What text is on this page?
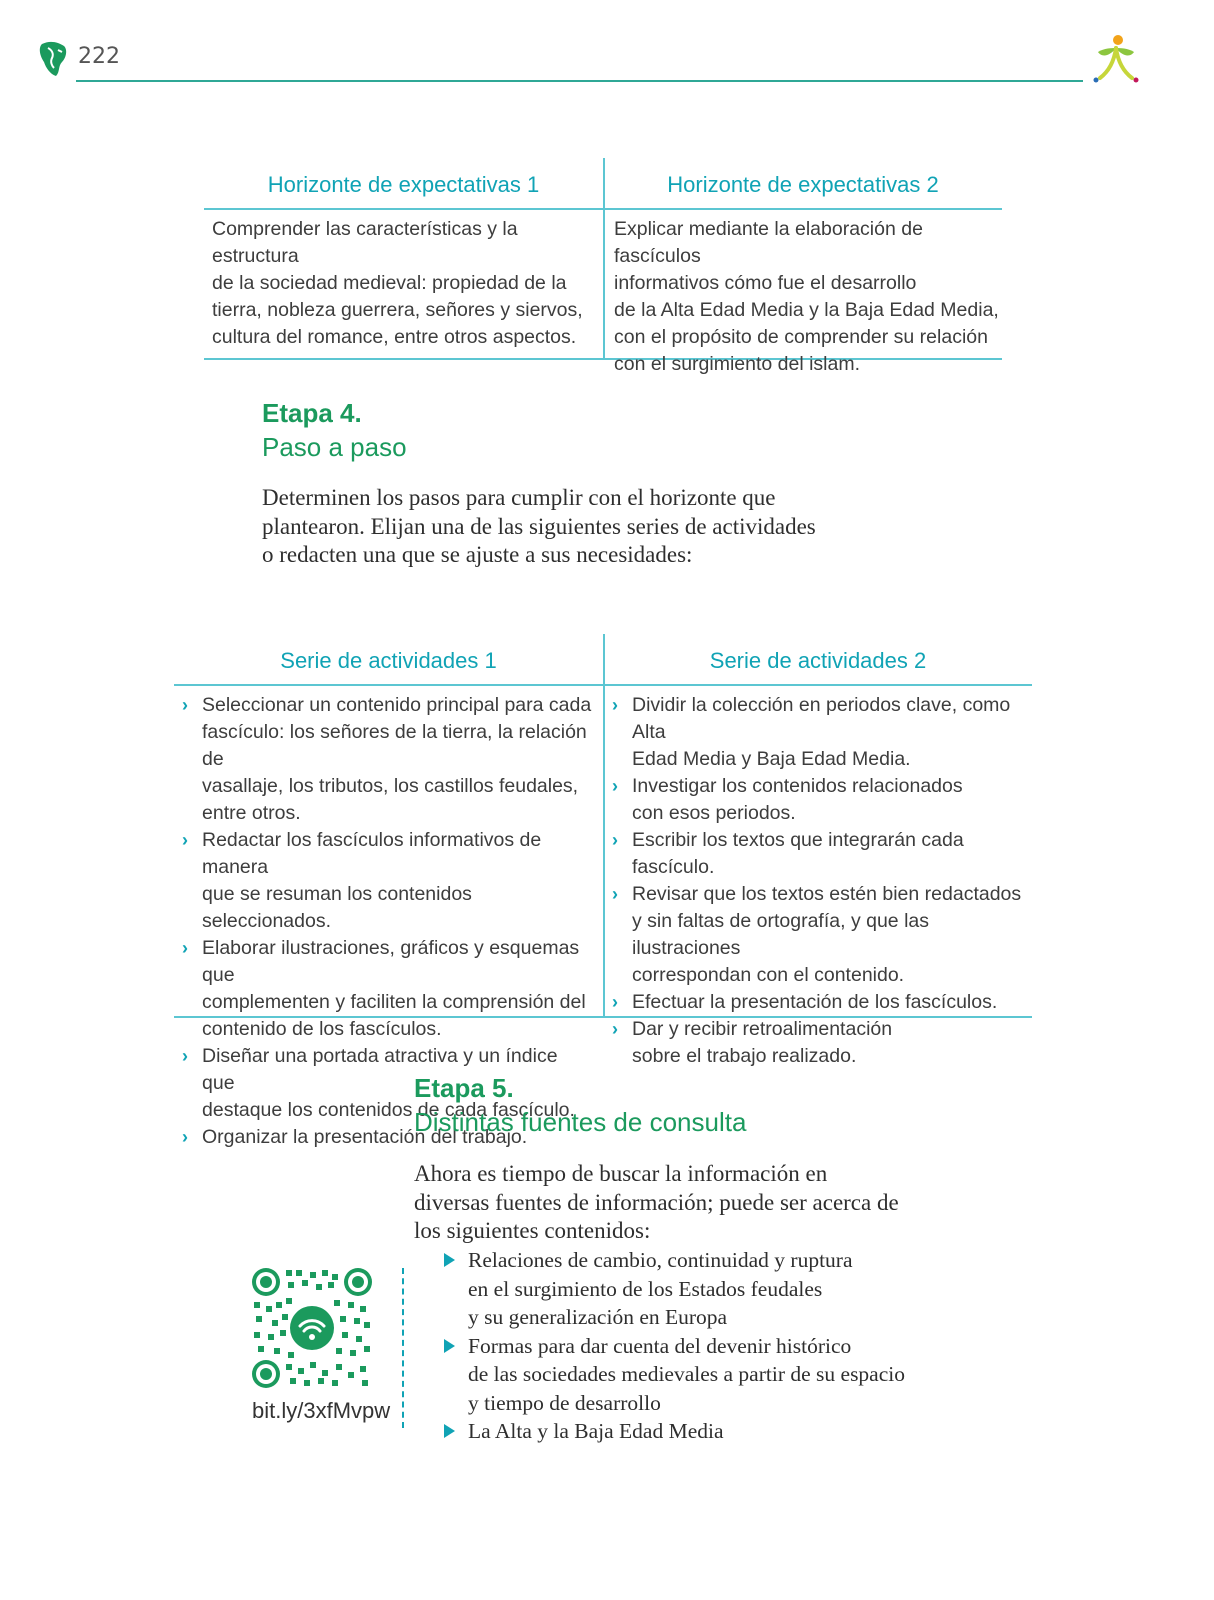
222
Horizonte de expectativas 1

Comprender las características y la estructura

de la sociedad medieval: propiedad de la

tierra, nobleza guerrera, señores y siervos,

cultura del romance, entre otros aspectos.

Horizonte de expectativas 2

Explicar mediante la elaboración de fascículos

informativos cómo fue el desarrollo

de la Alta Edad Media y la Baja Edad Media,

con el propósito de comprender su relación

con el surgimiento del islam.

Etapa 4.
Paso a paso
Determinen los pasos para cumplir con el horizonte que
plantearon. Elijan una de las siguientes series de actividades
o redacten una que se ajuste a sus necesidades:
Serie de actividades 1
› Seleccionar un contenido principal para cada
fascículo: los señores de la tierra, la relación de
vasallaje, los tributos, los castillos feudales,
entre otros.
› Redactar los fascículos informativos de manera
que se resuman los contenidos seleccionados.
› Elaborar ilustraciones, gráficos y esquemas que
complementen y faciliten la comprensión del
contenido de los fascículos.
› Diseñar una portada atractiva y un índice que
destaque los contenidos de cada fascículo.
› Organizar la presentación del trabajo.
Serie de actividades 2
› Dividir la colección en periodos clave, como Alta
Edad Media y Baja Edad Media.
› Investigar los contenidos relacionados
con esos periodos.
› Escribir los textos que integrarán cada fascículo.
› Revisar que los textos estén bien redactados
y sin faltas de ortografía, y que las ilustraciones
correspondan con el contenido.
› Efectuar la presentación de los fascículos.
› Dar y recibir retroalimentación
sobre el trabajo realizado.
Etapa 5.
Distintas fuentes de consulta
Ahora es tiempo de buscar la información en
diversas fuentes de información; puede ser acerca de
los siguientes contenidos:
Relaciones de cambio, continuidad y ruptura
en el surgimiento de los Estados feudales
y su generalización en Europa
Formas para dar cuenta del devenir histórico
de las sociedades medievales a partir de su espacio
y tiempo de desarrollo
La Alta y la Baja Edad Media
bit.ly/3xfMvpw
